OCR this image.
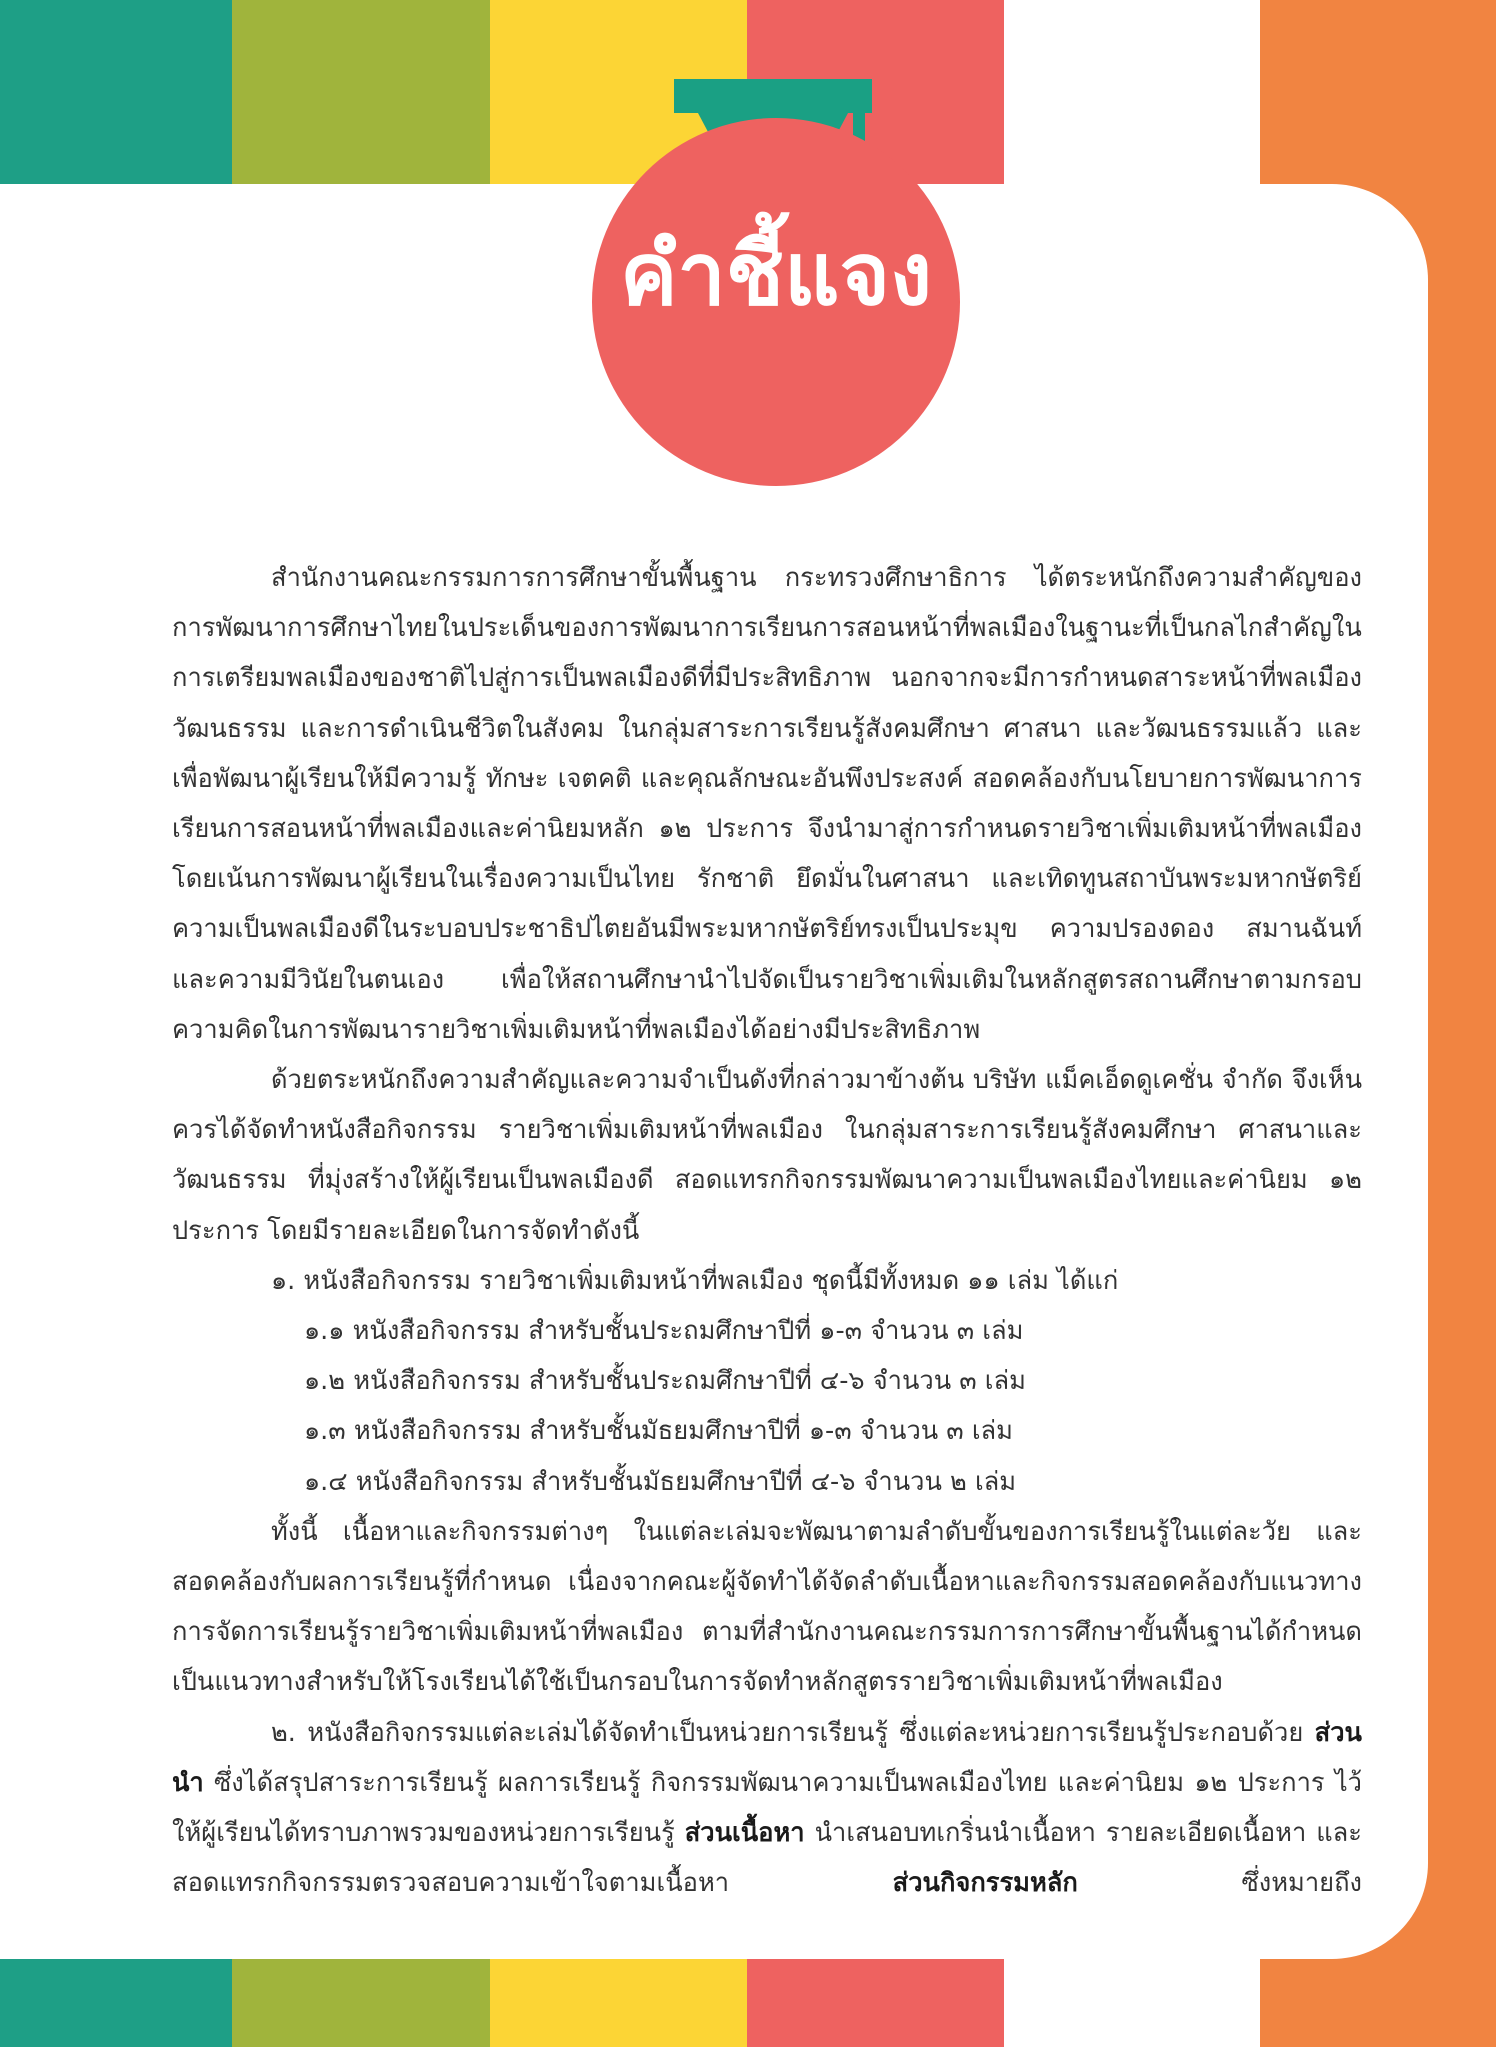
คำชี้แจง

สำนักงานคณะกรรมการการศึกษาขั้นพื้นฐาน กระทรวงศึกษาธิการ ได้ตระหนักถึงความสำคัญของการพัฒนาการศึกษาไทยในประเด็นของการพัฒนาการเรียนการสอนหน้าที่พลเมืองในฐานะที่เป็นกลไกสำคัญในการเตรียมพลเมืองของชาติไปสู่การเป็นพลเมืองดีที่มีประสิทธิภาพ นอกจากจะมีการกำหนดสาระหน้าที่พลเมือง วัฒนธรรม และการดำเนินชีวิตในสังคม ในกลุ่มสาระการเรียนรู้สังคมศึกษา ศาสนา และวัฒนธรรมแล้ว และเพื่อพัฒนาผู้เรียนให้มีความรู้ ทักษะ เจตคติ และคุณลักษณะอันพึงประสงค์ สอดคล้องกับนโยบายการพัฒนาการเรียนการสอนหน้าที่พลเมืองและค่านิยมหลัก ๑๒ ประการ จึงนำมาสู่การกำหนดรายวิชาเพิ่มเติมหน้าที่พลเมือง โดยเน้นการพัฒนาผู้เรียนในเรื่องความเป็นไทย รักชาติ ยึดมั่นในศาสนา และเทิดทูนสถาบันพระมหากษัตริย์ ความเป็นพลเมืองดีในระบอบประชาธิปไตยอันมีพระมหากษัตริย์ทรงเป็นประมุข ความปรองดอง สมานฉันท์ และความมีวินัยในตนเอง เพื่อให้สถานศึกษานำไปจัดเป็นรายวิชาเพิ่มเติมในหลักสูตรสถานศึกษาตามกรอบความคิดในการพัฒนารายวิชาเพิ่มเติมหน้าที่พลเมืองได้อย่างมีประสิทธิภาพ

ด้วยตระหนักถึงความสำคัญและความจำเป็นดังที่กล่าวมาข้างต้น บริษัท แม็คเอ็ดดูเคชั่น จำกัด จึงเห็นควรได้จัดทำหนังสือกิจกรรม รายวิชาเพิ่มเติมหน้าที่พลเมือง ในกลุ่มสาระการเรียนรู้สังคมศึกษา ศาสนาและวัฒนธรรม ที่มุ่งสร้างให้ผู้เรียนเป็นพลเมืองดี สอดแทรกกิจกรรมพัฒนาความเป็นพลเมืองไทยและค่านิยม ๑๒ ประการ โดยมีรายละเอียดในการจัดทำดังนี้

๑. หนังสือกิจกรรม รายวิชาเพิ่มเติมหน้าที่พลเมือง ชุดนี้มีทั้งหมด ๑๑ เล่ม ได้แก่

๑.๑ หนังสือกิจกรรม สำหรับชั้นประถมศึกษาปีที่ ๑-๓ จำนวน ๓ เล่ม

๑.๒ หนังสือกิจกรรม สำหรับชั้นประถมศึกษาปีที่ ๔-๖ จำนวน ๓ เล่ม

๑.๓ หนังสือกิจกรรม สำหรับชั้นมัธยมศึกษาปีที่ ๑-๓ จำนวน ๓ เล่ม

๑.๔ หนังสือกิจกรรม สำหรับชั้นมัธยมศึกษาปีที่ ๔-๖ จำนวน ๒ เล่ม

ทั้งนี้ เนื้อหาและกิจกรรมต่างๆ ในแต่ละเล่มจะพัฒนาตามลำดับขั้นของการเรียนรู้ในแต่ละวัย และสอดคล้องกับผลการเรียนรู้ที่กำหนด เนื่องจากคณะผู้จัดทำได้จัดลำดับเนื้อหาและกิจกรรมสอดคล้องกับแนวทางการจัดการเรียนรู้รายวิชาเพิ่มเติมหน้าที่พลเมือง ตามที่สำนักงานคณะกรรมการการศึกษาขั้นพื้นฐานได้กำหนดเป็นแนวทางสำหรับให้โรงเรียนได้ใช้เป็นกรอบในการจัดทำหลักสูตรรายวิชาเพิ่มเติมหน้าที่พลเมือง

๒. หนังสือกิจกรรมแต่ละเล่มได้จัดทำเป็นหน่วยการเรียนรู้ ซึ่งแต่ละหน่วยการเรียนรู้ประกอบด้วย ส่วนนำ ซึ่งได้สรุปสาระการเรียนรู้ ผลการเรียนรู้ กิจกรรมพัฒนาความเป็นพลเมืองไทย และค่านิยม ๑๒ ประการ ไว้ให้ผู้เรียนได้ทราบภาพรวมของหน่วยการเรียนรู้ ส่วนเนื้อหา นำเสนอบทเกริ่นนำเนื้อหา รายละเอียดเนื้อหา และสอดแทรกกิจกรรมตรวจสอบความเข้าใจตามเนื้อหา ส่วนกิจกรรมหลัก ซึ่งหมายถึง
